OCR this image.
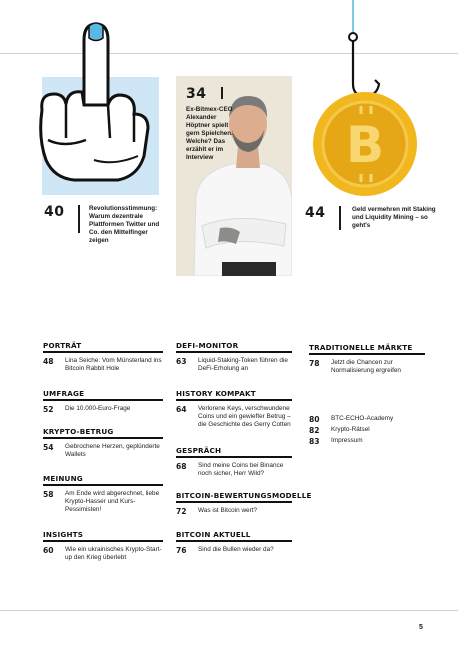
40	Revolutionsstimmung: Warum dezentrale Plattformen Twitter und Co. den Mittelfinger zeigen
34
Ex-Bitmex-CEO Alexander Höptner spielt gern Spielchen. Welche? Das erzählt er im Interview	B
44	Geld vermehren mit Staking und Liquidity Mining – so geht's
PORTRÄT
48	Lina Seiche: Vom Münsterland ins Bitcoin Rabbit Hole
UMFRAGE
52	Die 10.000-Euro-Frage
KRYPTO-BETRUG
54	Gebrochene Herzen, geplünderte Wallets
MEINUNG
58	Am Ende wird abgerechnet, liebe Krypto-Hasser und Kurs-Pessimisten!
INSIGHTS
60	Wie ein ukrainisches Krypto-Start-up den Krieg überlebt
DEFI-MONITOR
63	Liquid-Staking-Token führen die DeFi-Erholung an
HISTORY KOMPAKT
64	Verlorene Keys, verschwundene Coins und ein gewiefter Betrug – die Geschichte des Gerry Cotten
GESPRÄCH
68	Sind meine Coins bei Binance noch sicher, Herr Wild?
BITCOIN-BEWERTUNGSMODELLE
72	Was ist Bitcoin wert?
BITCOIN AKTUELL
76	Sind die Bullen wieder da?
TRADITIONELLE MÄRKTE
78	Jetzt die Chancen zur Normalisierung ergreifen
80	BTC-ECHO-Academy
82	Krypto-Rätsel
83	Impressum
5
